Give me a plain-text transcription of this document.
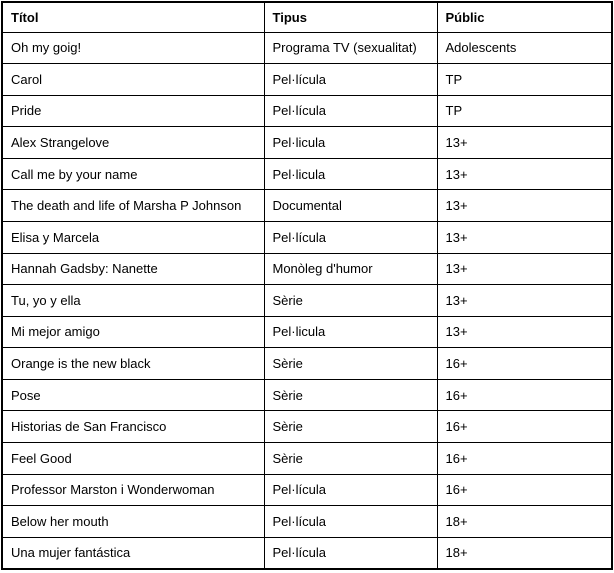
Títol	Tipus	Públic
Oh my goig!	Programa TV (sexualitat)	Adolescents
Carol	Pel·lícula	TP
Pride	Pel·lícula	TP
Alex Strangelove	Pel·licula	13+
Call me by your name	Pel·licula	13+
The death and life of Marsha P Johnson	Documental	13+
Elisa y Marcela	Pel·lícula	13+
Hannah Gadsby: Nanette	Monòleg d'humor	13+
Tu, yo y ella	Sèrie	13+
Mi mejor amigo	Pel·licula	13+
Orange is the new black	Sèrie	16+
Pose	Sèrie	16+
Historias de San Francisco	Sèrie	16+
Feel Good	Sèrie	16+
Professor Marston i Wonderwoman	Pel·lícula	16+
Below her mouth	Pel·lícula	18+
Una mujer fantástica	Pel·lícula	18+
